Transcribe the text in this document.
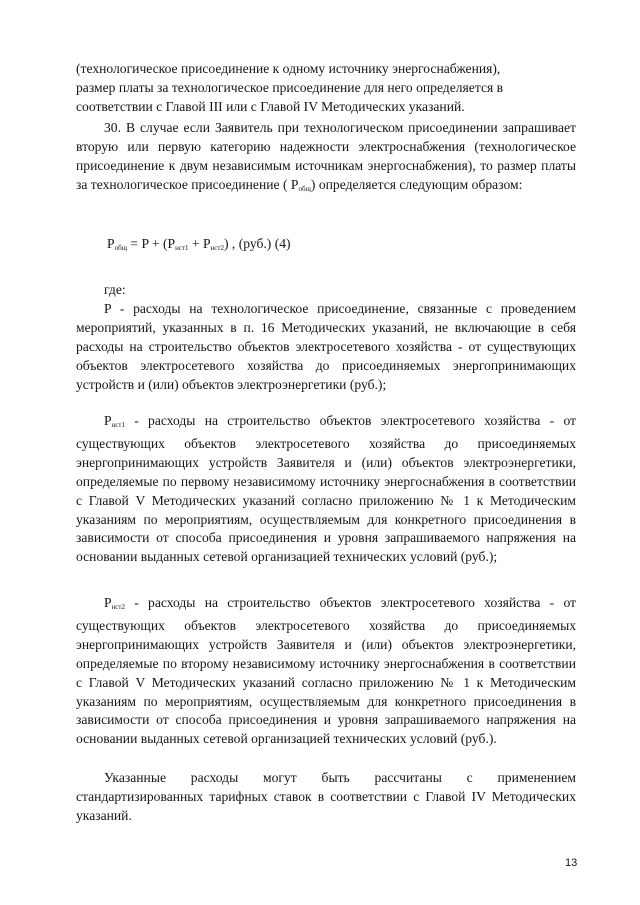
(технологическое присоединение к одному источнику энергоснабжения),

размер платы за технологическое присоединение для него определяется в

соответствии с Главой III или с Главой IV Методических указаний.

30. В случае если Заявитель при технологическом присоединении запрашивает вторую или первую категорию надежности электроснабжения (технологическое присоединение к двум независимым источникам энергоснабжения), то размер платы за технологическое присоединение ( $P_{общ}$) определяется следующим образом:

$P_{общ} = P + (P_{нст1} + P_{нст2})$ , (руб.) (4)

где:

P - расходы на технологическое присоединение, связанные с проведением мероприятий, указанных в п. 16 Методических указаний, не включающие в себя расходы на строительство объектов электросетевого хозяйства - от существующих объектов электросетевого хозяйства до присоединяемых энергопринимающих устройств и (или) объектов электроэнергетики (руб.);

$P_{нст1}$ - расходы на строительство объектов электросетевого хозяйства - от существующих объектов электросетевого хозяйства до присоединяемых энергопринимающих устройств Заявителя и (или) объектов электроэнергетики, определяемые по первому независимому источнику энергоснабжения в соответствии с Главой V Методических указаний согласно приложению № 1 к Методическим указаниям по мероприятиям, осуществляемым для конкретного присоединения в зависимости от способа присоединения и уровня запрашиваемого напряжения на основании выданных сетевой организацией технических условий (руб.);

$P_{нст2}$ - расходы на строительство объектов электросетевого хозяйства - от существующих объектов электросетевого хозяйства до присоединяемых энергопринимающих устройств Заявителя и (или) объектов электроэнергетики, определяемые по второму независимому источнику энергоснабжения в соответствии с Главой V Методических указаний согласно приложению № 1 к Методическим указаниям по мероприятиям, осуществляемым для конкретного присоединения в зависимости от способа присоединения и уровня запрашиваемого напряжения на основании выданных сетевой организацией технических условий (руб.).

Указанные расходы могут быть рассчитаны с применением стандартизированных тарифных ставок в соответствии с Главой IV Методических указаний.

13
